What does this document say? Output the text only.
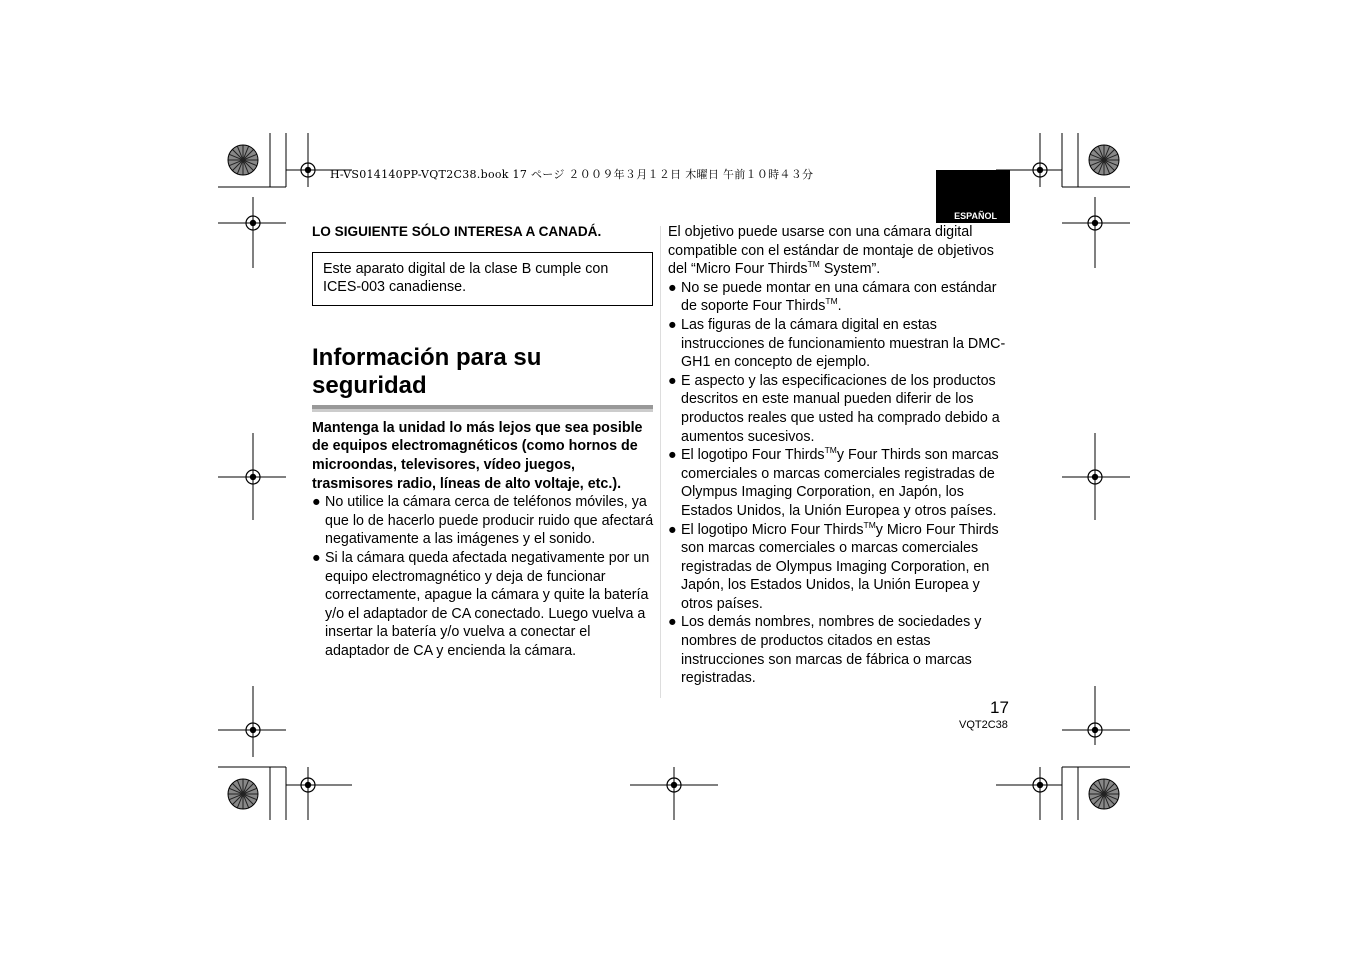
H-VS014140PP-VQT2C38.book 17 ページ ２００９年３月１２日 木曜日 午前１０時４３分
ESPAÑOL

LO SIGUIENTE SÓLO INTERESA A CANADÁ.

Este aparato digital de la clase B cumple con ICES-003 canadiense.

Información para su seguridad

Mantenga la unidad lo más lejos que sea posible de equipos electromagnéticos (como hornos de microondas, televisores, vídeo juegos, trasmisores radio, líneas de alto voltaje, etc.).

● No utilice la cámara cerca de teléfonos móviles, ya que lo de hacerlo puede producir ruido que afectará negativamente a las imágenes y el sonido.

● Si la cámara queda afectada negativamente por un equipo electromagnético y deja de funcionar correctamente, apague la cámara y quite la batería y/o el adaptador de CA conectado. Luego vuelva a insertar la batería y/o vuelva a conectar el adaptador de CA y encienda la cámara.

El objetivo puede usarse con una cámara digital compatible con el estándar de montaje de objetivos del “Micro Four Thirds™ System”.

● No se puede montar en una cámara con estándar de soporte Four Thirds™.

● Las figuras de la cámara digital en estas instrucciones de funcionamiento muestran la DMC-GH1 en concepto de ejemplo.

● E aspecto y las especificaciones de los productos descritos en este manual pueden diferir de los productos reales que usted ha comprado debido a aumentos sucesivos.

● El logotipo Four Thirds™y Four Thirds son marcas comerciales o marcas comerciales registradas de Olympus Imaging Corporation, en Japón, los Estados Unidos, la Unión Europea y otros países.

● El logotipo Micro Four Thirds™y Micro Four Thirds son marcas comerciales o marcas comerciales registradas de Olympus Imaging Corporation, en Japón, los Estados Unidos, la Unión Europea y otros países.

● Los demás nombres, nombres de sociedades y nombres de productos citados en estas instrucciones son marcas de fábrica o marcas registradas.

17
VQT2C38
